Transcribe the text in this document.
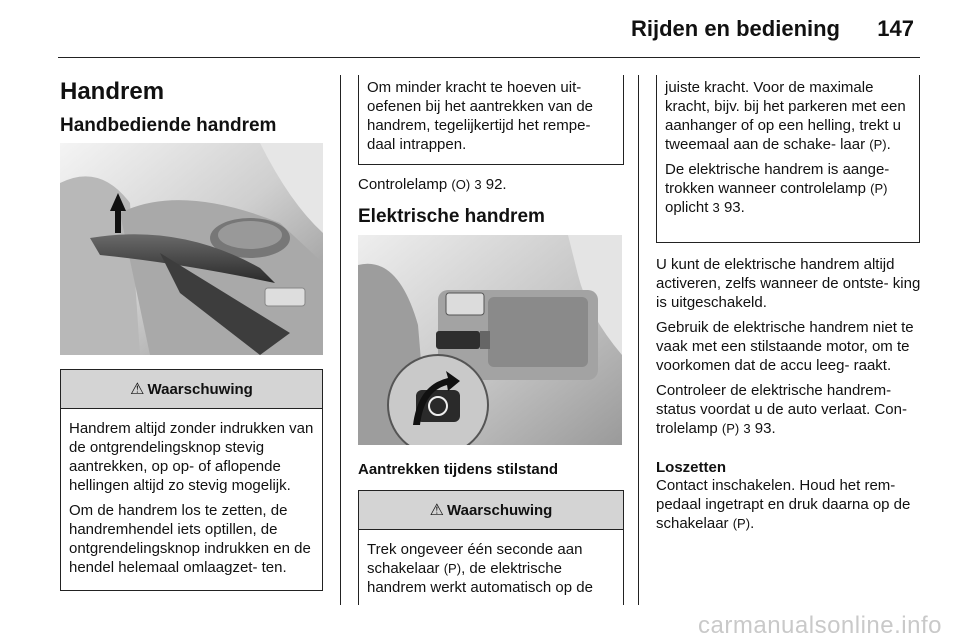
Rijden en bediening 147
Handrem
Handbediende handrem
⚠ Waarschuwing

Handrem altijd zonder indrukken van de ontgrendelingsknop stevig aantrekken, op op- of aflopende hellingen altijd zo stevig mogelijk.

Om de handrem los te zetten, de handremhendel iets optillen, de ontgrendelingsknop indrukken en de hendel helemaal omlaagzet- ten.

Om minder kracht te hoeven uit- oefenen bij het aantrekken van de handrem, tegelijkertijd het rempe- daal intrappen.
Controlelamp (O) 3 92.
Elektrische handrem
Aantrekken tijdens stilstand
⚠ Waarschuwing
Trek ongeveer één seconde aan schakelaar (P), de elektrische handrem werkt automatisch op de

juiste kracht. Voor de maximale kracht, bijv. bij het parkeren met een aanhanger of op een helling, trekt u tweemaal aan de schake- laar (P).

De elektrische handrem is aange- trokken wanneer controlelamp (P) oplicht 3 93.

U kunt de elektrische handrem altijd activeren, zelfs wanneer de ontste- king is uitgeschakeld.

Gebruik de elektrische handrem niet te vaak met een stilstaande motor, om te voorkomen dat de accu leeg- raakt.

Controleer de elektrische handrem- status voordat u de auto verlaat. Con- trolelamp (P) 3 93.

Loszetten
Contact inschakelen. Houd het rem- pedaal ingetrapt en druk daarna op de schakelaar (P).
carmanualsonline.info
